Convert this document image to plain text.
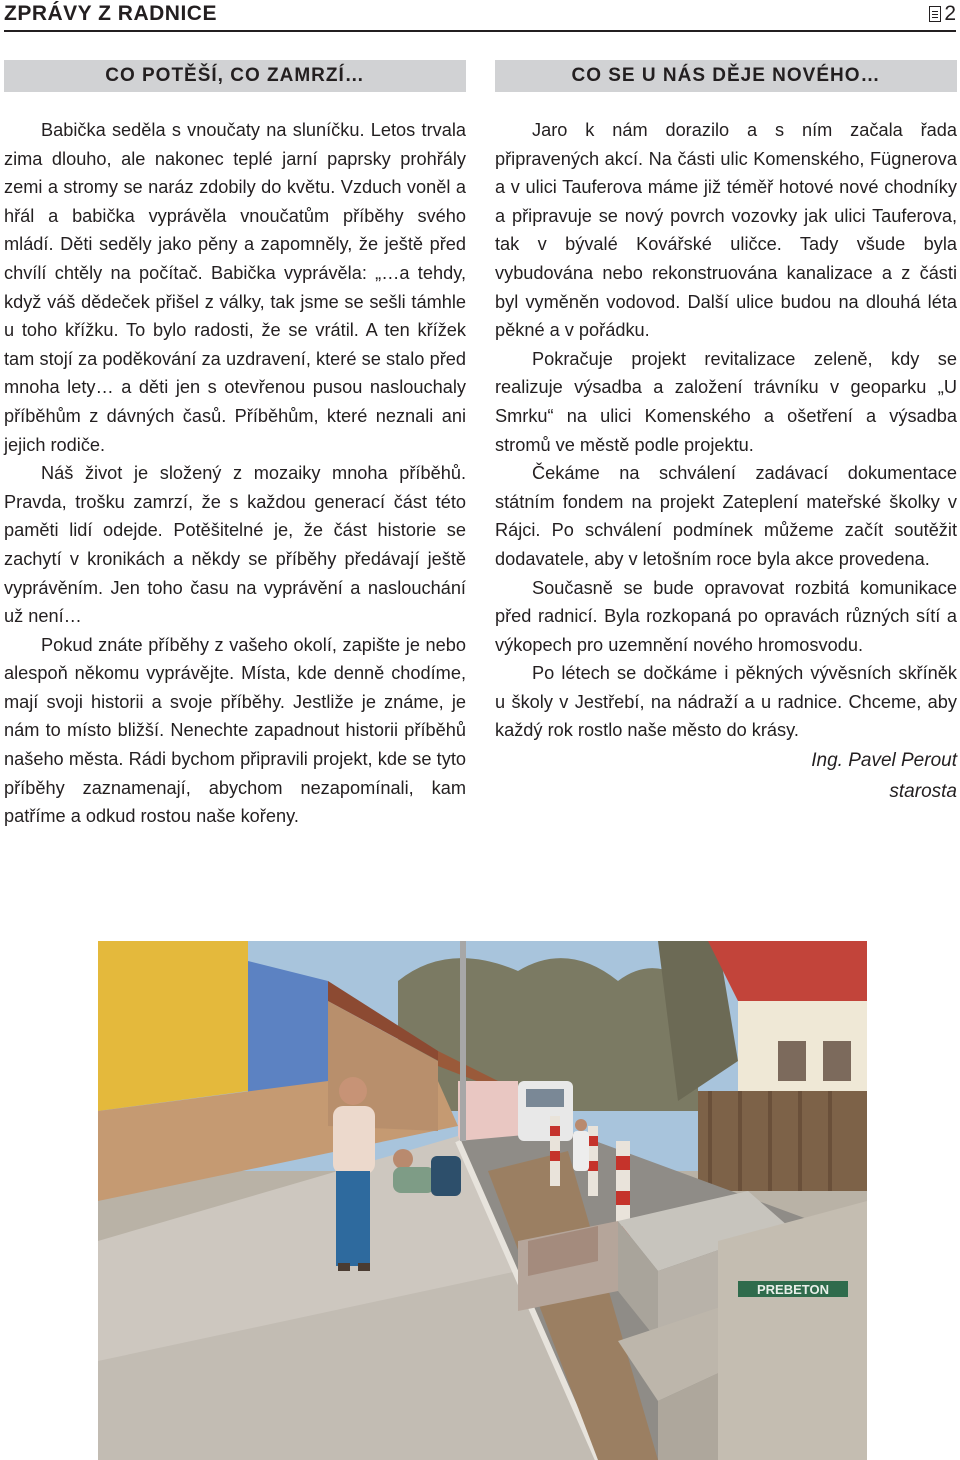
ZPRÁVY Z RADNICE	2
CO POTĚŠÍ, CO ZAMRZÍ…

Babička seděla s vnoučaty na sluníčku. Letos trvala zima dlouho, ale nakonec teplé jarní paprsky prohřály zemi a stromy se naráz zdobily do květu. Vzduch voněl a hřál a babička vyprávěla vnoučatům příběhy svého mládí. Děti seděly jako pěny a zapomněly, že ještě před chvílí chtěly na počítač. Babička vyprávěla: „…a tehdy, když váš dědeček přišel z války, tak jsme se sešli támhle u toho křížku. To bylo radosti, že se vrátil. A ten křížek tam stojí za poděkování za uzdravení, které se stalo před mnoha lety… a děti jen s otevřenou pusou naslouchaly příběhům z dávných časů. Příběhům, které neznali ani jejich rodiče.

Náš život je složený z mozaiky mnoha příběhů. Pravda, trošku zamrzí, že s každou generací část této paměti lidí odejde. Potěšitelné je, že část historie se zachytí v kronikách a někdy se příběhy předávají ještě vyprávěním. Jen toho času na vyprávění a naslouchání už není…

Pokud znáte příběhy z vašeho okolí, zapište je nebo alespoň někomu vyprávějte. Místa, kde denně chodíme, mají svoji historii a svoje příběhy. Jestliže je známe, je nám to místo bližší. Nenechte zapadnout historii příběhů našeho města. Rádi bychom připravili projekt, kde se tyto příběhy zaznamenají, abychom nezapomínali, kam patříme a odkud rostou naše kořeny.

CO SE U NÁS DĚJE NOVÉHO…

Jaro k nám dorazilo a s ním začala řada připravených akcí. Na části ulic Komenského, Fügnerova a v ulici Tauferova máme již téměř hotové nové chodníky a připravuje se nový povrch vozovky jak ulici Tauferova, tak v bývalé Kovářské uličce. Tady všude byla vybudována nebo rekonstruována kanalizace a z části byl vyměněn vodovod. Další ulice budou na dlouhá léta pěkné a v pořádku.

Pokračuje projekt revitalizace zeleně, kdy se realizuje výsadba a založení trávníku v geoparku „U Smrku“ na ulici Komenského a ošetření a výsadba stromů ve městě podle projektu.

Čekáme na schválení zadávací dokumentace státním fondem na projekt Zateplení mateřské školky v Rájci. Po schválení podmínek můžeme začít soutěžit dodavatele, aby v letošním roce byla akce provedena.

Současně se bude opravovat rozbitá komunikace před radnicí. Byla rozkopaná po opravách různých sítí a výkopech pro uzemnění nového hromosvodu.

Po létech se dočkáme i pěkných vývěsních skříněk u školy v Jestřebí, na nádraží a u radnice. Chceme, aby každý rok rostlo naše město do krásy.

Ing. Pavel Perout
starosta
PREBETON
